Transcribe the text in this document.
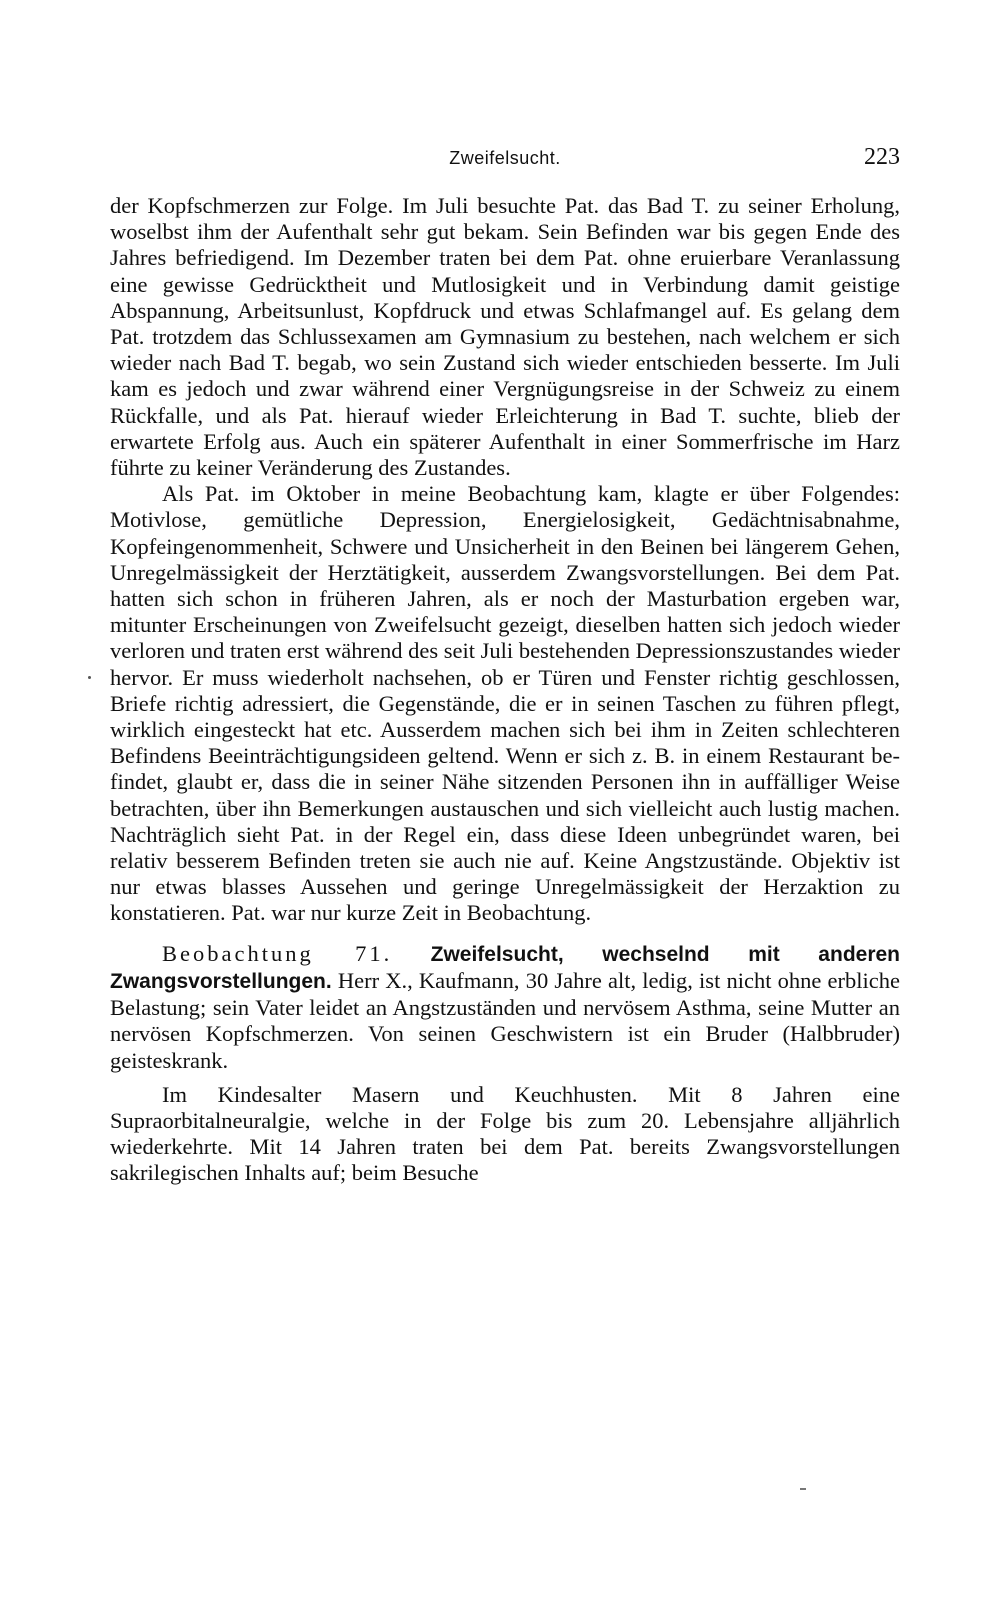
Zweifelsucht.	223

der Kopfschmerzen zur Folge. Im Juli besuchte Pat. das Bad T. zu seiner Erholung, woselbst ihm der Aufenthalt sehr gut bekam. Sein Befinden war bis gegen Ende des Jahres befriedigend. Im Dezember traten bei dem Pat. ohne eruierbare Veranlassung eine gewisse Gedrücktheit und Mutlosigkeit und in Verbindung damit geistige Abspannung, Arbeitsunlust, Kopfdruck und etwas Schlafmangel auf. Es gelang dem Pat. trotzdem das Schlussexamen am Gymnasium zu bestehen, nach welchem er sich wieder nach Bad T. begab, wo sein Zustand sich wieder entschieden besserte. Im Juli kam es jedoch und zwar während einer Vergnügungsreise in der Schweiz zu einem Rückfalle, und als Pat. hierauf wieder Erleichterung in Bad T. suchte, blieb der erwartete Erfolg aus. Auch ein späterer Aufenthalt in einer Sommerfrische im Harz führte zu keiner Veränderung des Zustandes.

Als Pat. im Oktober in meine Beobachtung kam, klagte er über Folgendes: Motivlose, gemütliche Depression, Energielosigkeit, Gedächtnisabnahme, Kopfeingenommenheit, Schwere und Unsicherheit in den Beinen bei längerem Gehen, Unregelmässigkeit der Herztätigkeit, ausserdem Zwangsvorstellungen. Bei dem Pat. hatten sich schon in früheren Jahren, als er noch der Masturbation ergeben war, mitunter Erscheinungen von Zweifelsucht gezeigt, dieselben hatten sich jedoch wieder verloren und traten erst während des seit Juli bestehenden Depressionszustandes wieder hervor. Er muss wiederholt nachsehen, ob er Türen und Fenster richtig geschlossen, Briefe richtig adressiert, die Gegenstände, die er in seinen Taschen zu führen pflegt, wirklich eingesteckt hat etc. Ausserdem machen sich bei ihm in Zeiten schlechteren Befindens Beeinträchtigungsideen geltend. Wenn er sich z. B. in einem Restaurant befindet, glaubt er, dass die in seiner Nähe sitzenden Personen ihn in auffälliger Weise betrachten, über ihn Bemerkungen austauschen und sich vielleicht auch lustig machen. Nachträglich sieht Pat. in der Regel ein, dass diese Ideen unbegründet waren, bei relativ besserem Befinden treten sie auch nie auf. Keine Angstzustände. Objektiv ist nur etwas blasses Aussehen und geringe Unregelmässigkeit der Herzaktion zu konstatieren. Pat. war nur kurze Zeit in Beobachtung.

Beobachtung 71. Zweifelsucht, wechselnd mit anderen Zwangsvorstellungen. Herr X., Kaufmann, 30 Jahre alt, ledig, ist nicht ohne erbliche Belastung; sein Vater leidet an Angstzuständen und nervösem Asthma, seine Mutter an nervösen Kopfschmerzen. Von seinen Geschwistern ist ein Bruder (Halbbruder) geisteskrank.

Im Kindesalter Masern und Keuchhusten. Mit 8 Jahren eine Supraorbitalneuralgie, welche in der Folge bis zum 20. Lebensjahre alljährlich wiederkehrte. Mit 14 Jahren traten bei dem Pat. bereits Zwangsvorstellungen sakrilegischen Inhalts auf; beim Besuche
